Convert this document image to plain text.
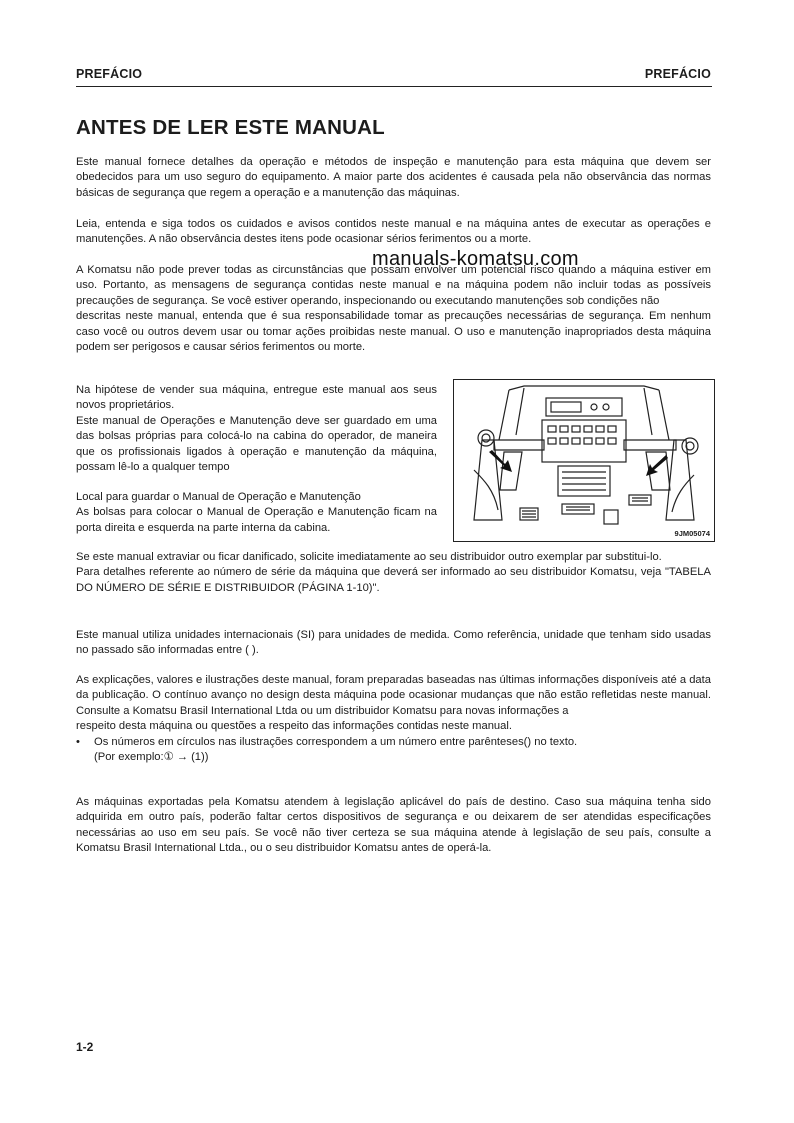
PREFÁCIO	PREFÁCIO
ANTES DE LER ESTE MANUAL

Este manual fornece detalhes da operação e métodos de inspeção e manutenção para esta máquina que devem ser obedecidos para um uso seguro do equipamento. A maior parte dos acidentes é causada pela não observância das normas básicas de segurança que regem a operação e a manutenção das máquinas.

Leia, entenda e siga todos os cuidados e avisos contidos neste manual e na máquina antes de executar as operações e manutenções. A não observância destes itens pode ocasionar sérios ferimentos ou a morte.

A Komatsu não pode prever todas as circunstâncias que possam envolver um potencial risco quando a máquina estiver em uso. Portanto, as mensagens de segurança contidas neste manual e na máquina podem não incluir todas as possíveis precauções de segurança. Se você estiver operando, inspecionando ou executando manutenções sob condições não
descritas neste manual, entenda que é sua responsabilidade tomar as precauções necessárias de segurança. Em nenhum caso você ou outros devem usar ou tomar ações proibidas neste manual. O uso e manutenção inapropriados desta máquina podem ser perigosos e causar sérios ferimentos ou morte.
manuals-komatsu.com
Na hipótese de vender sua máquina, entregue este manual aos seus novos proprietários.
Este manual de Operações e Manutenção deve ser guardado em uma das bolsas próprias para colocá-lo na cabina do operador, de maneira que os profissionais ligados à operação e manutenção da máquina, possam lê-lo a qualquer tempo
Local para guardar o Manual de Operação e Manutenção
As bolsas para colocar o Manual de Operação e Manutenção ficam na porta direita e esquerda na parte interna da cabina.	9JM05074
Se este manual extraviar ou ficar danificado, solicite imediatamente ao seu distribuidor outro exemplar par substitui-lo.
Para detalhes referente ao número de série da máquina que deverá ser informado ao seu distribuidor Komatsu, veja "TABELA DO NÚMERO DE SÉRIE E DISTRIBUIDOR (PÁGINA 1-10)".

Este manual utiliza unidades internacionais (SI) para unidades de medida. Como referência, unidade que tenham sido usadas no passado são informadas entre ( ).

As explicações, valores e ilustrações deste manual, foram preparadas baseadas nas últimas informações disponíveis até a data da publicação. O contínuo avanço no design desta máquina pode ocasionar mudanças que não estão refletidas neste manual. Consulte a Komatsu Brasil International Ltda ou um distribuidor Komatsu para novas informações a
respeito desta máquina ou questões a respeito das informações contidas neste manual.
• Os números em círculos nas ilustrações correspondem a um número entre parênteses() no texto.
(Por exemplo:① → (1))

As máquinas exportadas pela Komatsu atendem à legislação aplicável do país de destino. Caso sua máquina tenha sido adquirida em outro país, poderão faltar certos dispositivos de segurança e ou deixarem de ser atendidas especificações necessárias ao uso em seu país. Se você não tiver certeza se sua máquina atende à legislação de seu país, consulte a Komatsu Brasil International Ltda., ou o seu distribuidor Komatsu antes de operá-la.

1-2
